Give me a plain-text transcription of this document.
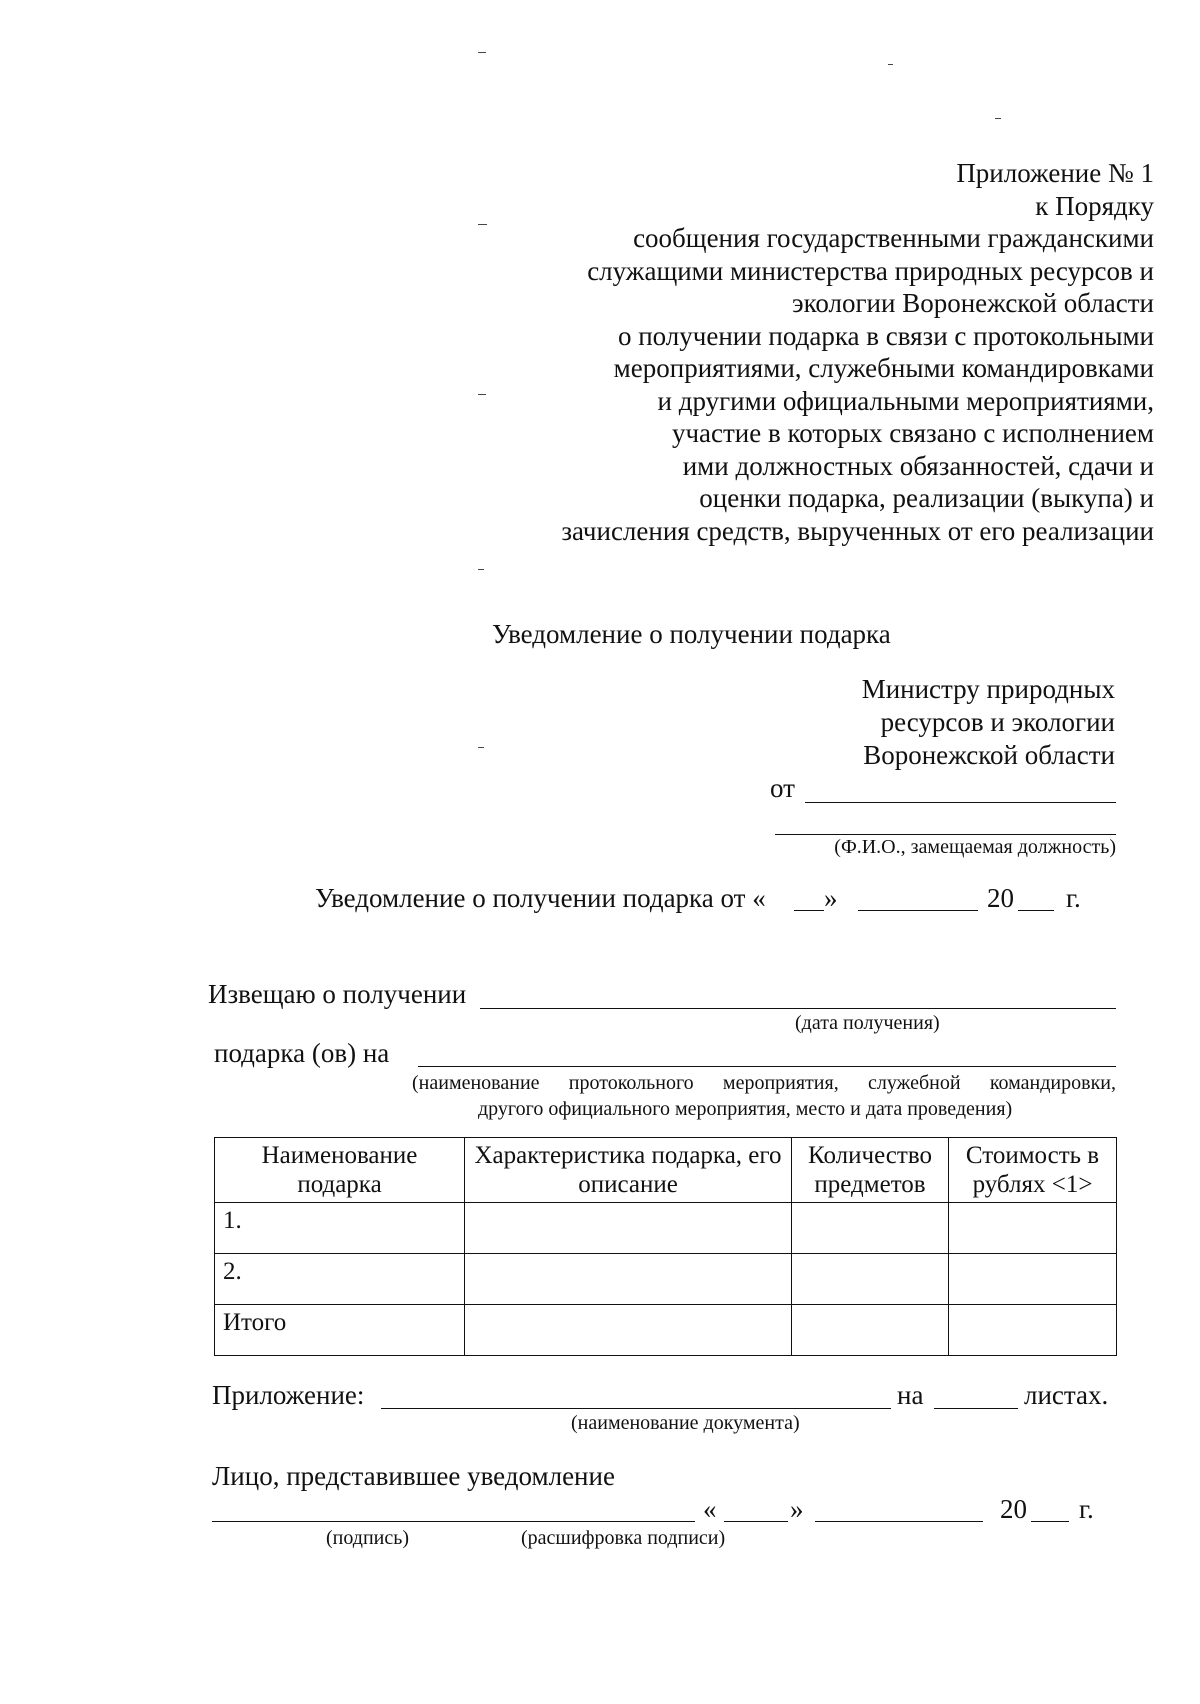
Приложение № 1
к Порядку
сообщения государственными гражданскими
служащими министерства природных ресурсов и
экологии Воронежской области
о получении подарка в связи с протокольными
мероприятиями, служебными командировками
и другими официальными мероприятиями,
участие в которых связано с исполнением
ими должностных обязанностей, сдачи и
оценки подарка, реализации (выкупа) и
зачисления средств, вырученных от его реализации
Уведомление о получении подарка
Министру природных
ресурсов и экологии
Воронежской области
от
(Ф.И.О., замещаемая должность)
Уведомление о получении подарка от « »	20 г.
Извещаю о получении
(дата получения)
подарка (ов) на
(наименование протокольного мероприятия, служебной командировки,
другого официального мероприятия, место и дата проведения)
Наименование подарка	Характеристика подарка, его описание	Количество предметов	Стоимость в рублях <1>
1.			
2.			
Итого			
Приложение:	на	листах.
(наименование документа)
Лицо, представившее уведомление
«	»	20 г.
(подпись)	(расшифровка подписи)
